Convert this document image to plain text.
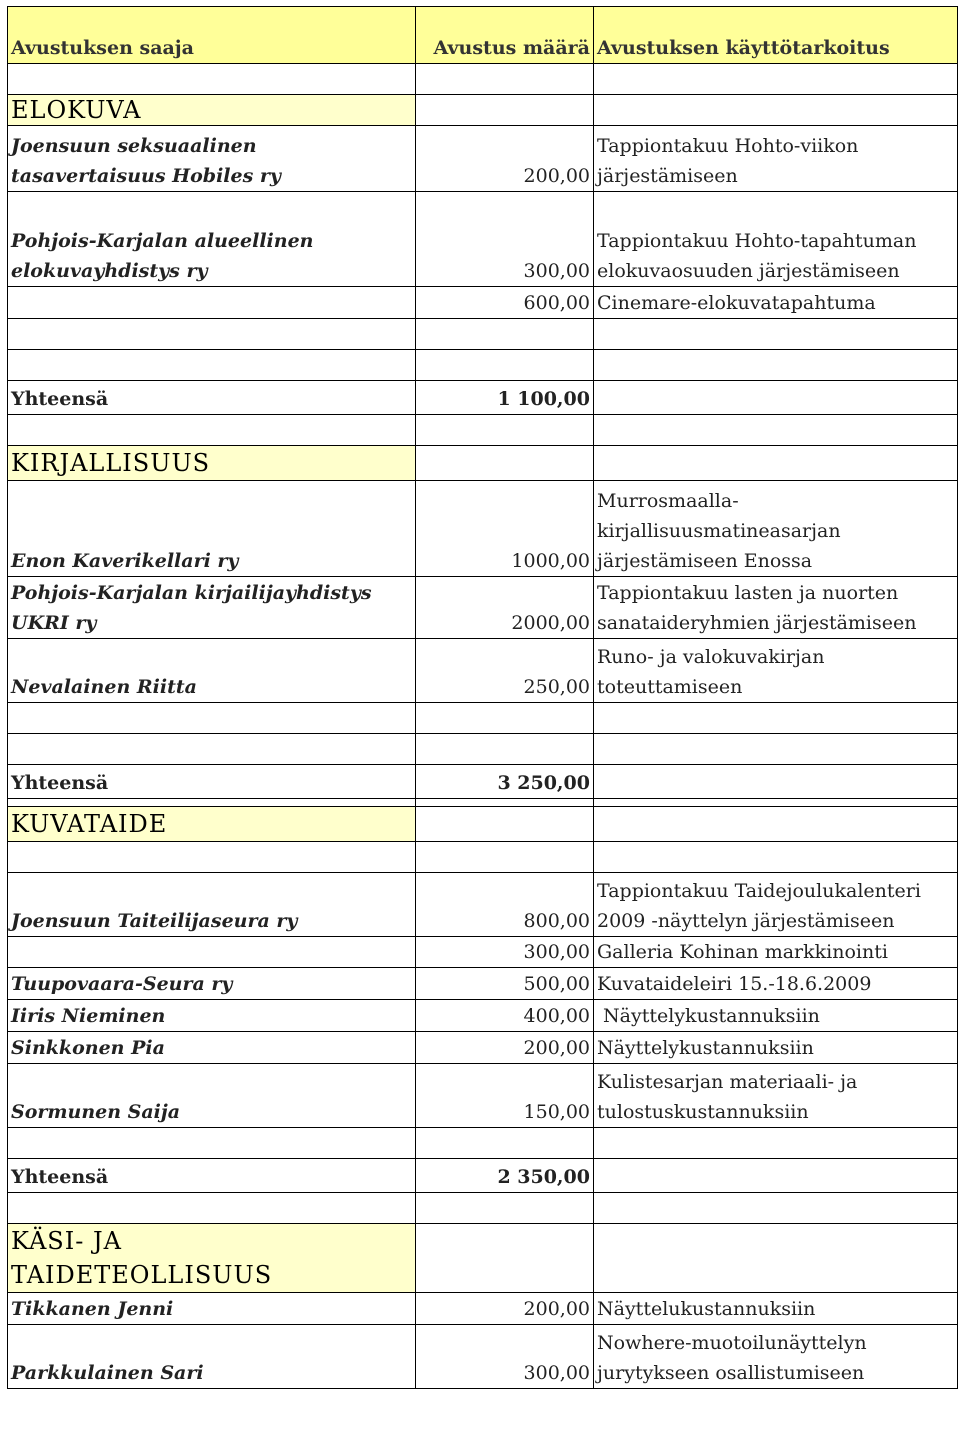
Avustuksen saaja	Avustus määrä	Avustuksen käyttötarkoitus

ELOKUVA		
Joensuun seksuaalinen
tasavertaisuus Hobiles ry	200,00	Tappiontakuu Hohto-viikon
järjestämiseen
Pohjois-Karjalan alueellinen
elokuvayhdistys ry	300,00	Tappiontakuu Hohto-tapahtuman
elokuvaosuuden järjestämiseen
	600,00	Cinemare-elokuvatapahtuma

Yhteensä	1 100,00	

KIRJALLISUUS		
Enon Kaverikellari ry	1000,00	Murrosmaalla-
kirjallisuusmatineasarjan
järjestämiseen Enossa
Pohjois-Karjalan kirjailijayhdistys
UKRI ry	2000,00	Tappiontakuu lasten ja nuorten
sanataideryhmien järjestämiseen
Nevalainen Riitta	250,00	Runo- ja valokuvakirjan
toteuttamiseen

Yhteensä	3 250,00	

KUVATAIDE		

Joensuun Taiteilijaseura ry	800,00	Tappiontakuu Taidejoulukalenteri
2009 -näyttelyn järjestämiseen
	300,00	Galleria Kohinan markkinointi
Tuupovaara-Seura ry	500,00	Kuvataideleiri 15.-18.6.2009
Iiris Nieminen	400,00	Näyttelykustannuksiin
Sinkkonen Pia	200,00	Näyttelykustannuksiin
Sormunen Saija	150,00	Kulistesarjan materiaali- ja
tulostuskustannuksiin

Yhteensä	2 350,00	

KÄSI- JA
TAIDETEOLLISUUS		
Tikkanen Jenni	200,00	Näyttelukustannuksiin
Parkkulainen Sari	300,00	Nowhere-muotoilunäyttelyn
jurytykseen osallistumiseen
